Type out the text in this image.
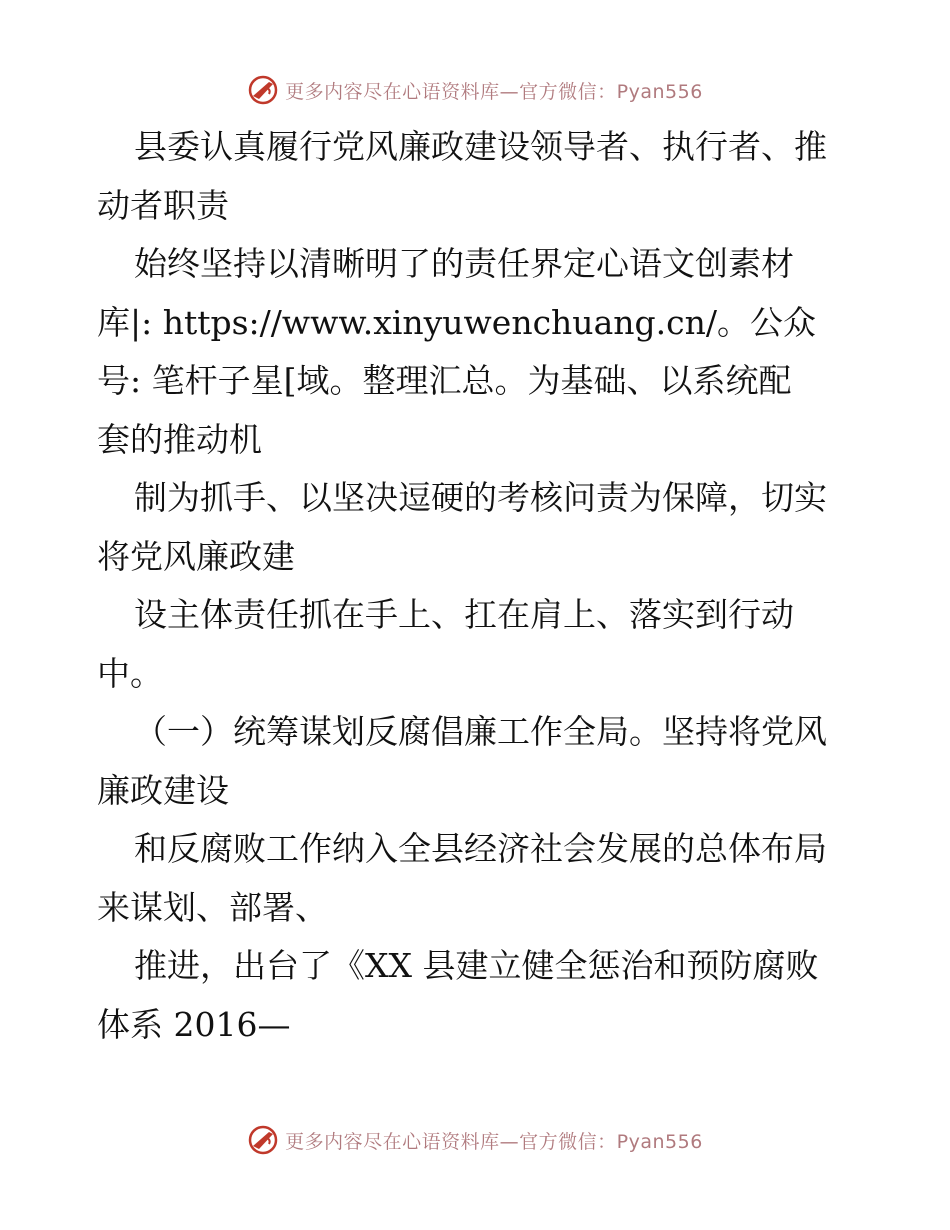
更多内容尽在心语资料库—官方微信：Pyan556
县委认真履行党风廉政建设领导者、执行者、推
动者职责
始终坚持以清晰明了的责任界定心语文创素材
库|: https://www.xinyuwenchuang.cn/。公众
号: 笔杆子星[域。整理汇总。为基础、以系统配
套的推动机
制为抓手、以坚决逗硬的考核问责为保障，切实
将党风廉政建
设主体责任抓在手上、扛在肩上、落实到行动
中。
（一）统筹谋划反腐倡廉工作全局。坚持将党风
廉政建设
和反腐败工作纳入全县经济社会发展的总体布局
来谋划、部署、
推进，出台了《XX 县建立健全惩治和预防腐败
体系 2016—
更多内容尽在心语资料库—官方微信：Pyan556
